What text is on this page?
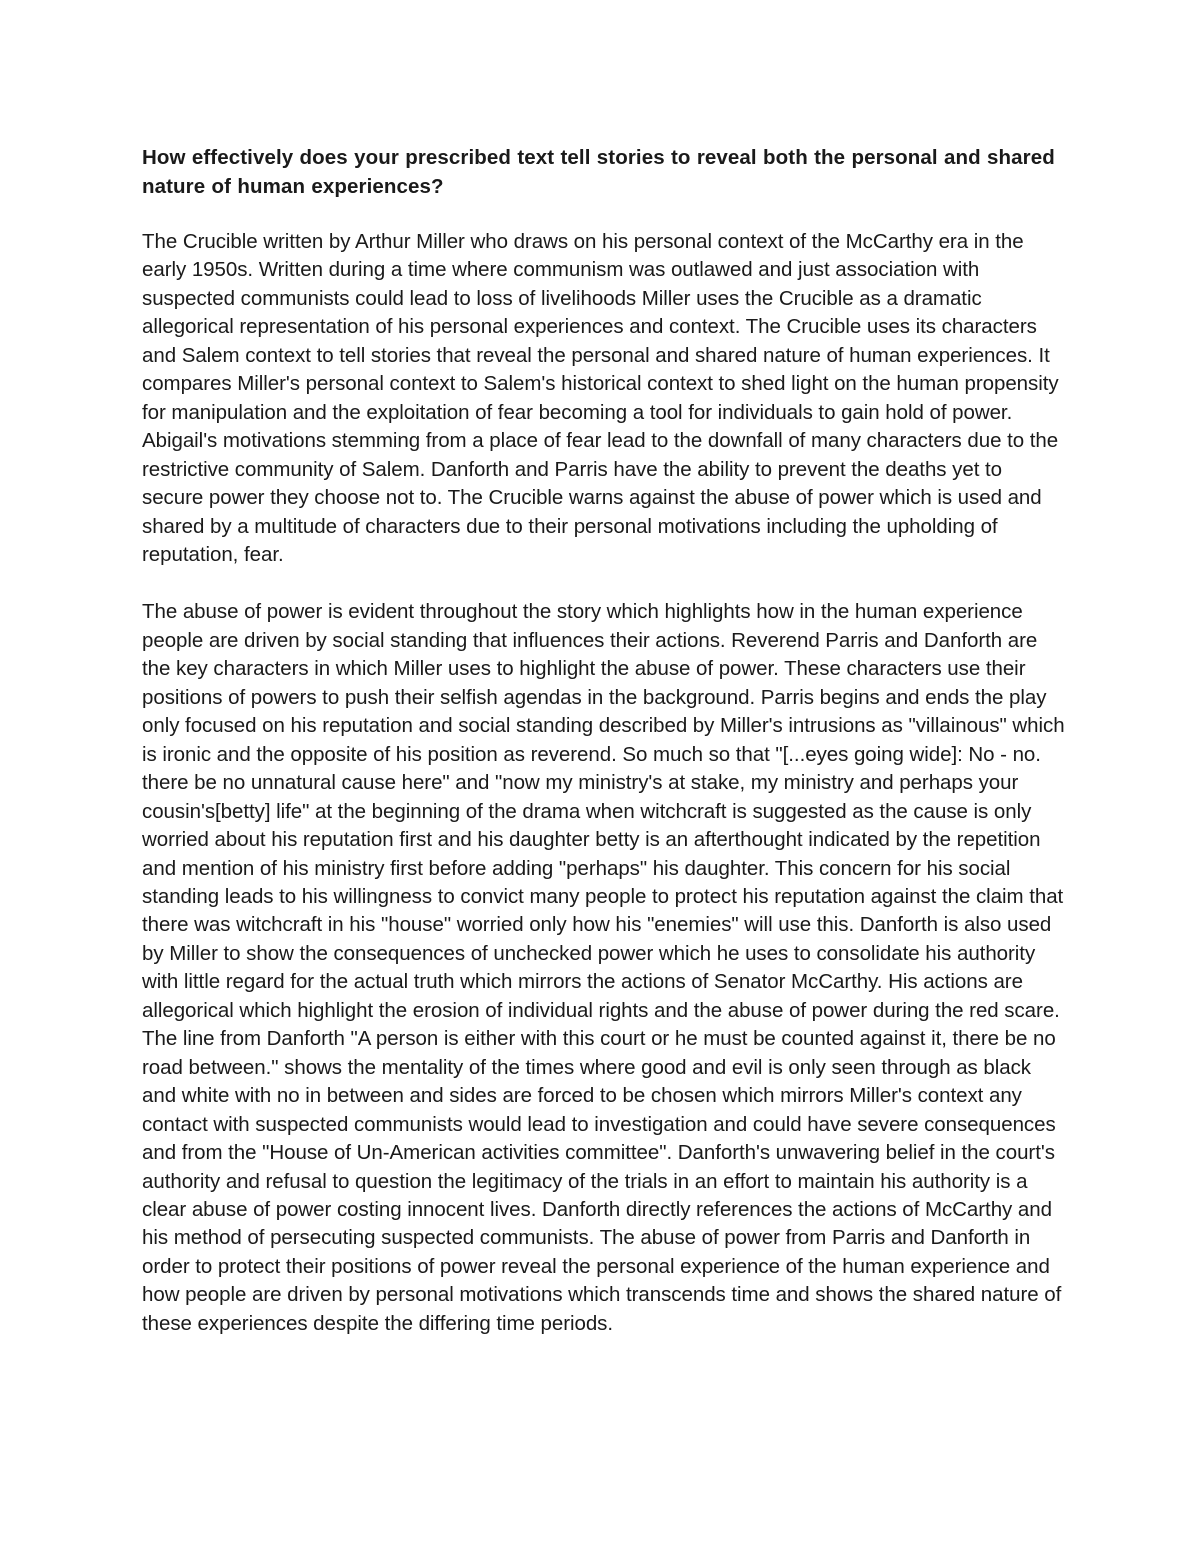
How effectively does your prescribed text tell stories to reveal both the personal and shared nature of human experiences?

The Crucible written by Arthur Miller who draws on his personal context of the McCarthy era in the early 1950s. Written during a time where communism was outlawed and just association with suspected communists could lead to loss of livelihoods Miller uses the Crucible as a dramatic allegorical representation of his personal experiences and context. The Crucible uses its characters and Salem context to tell stories that reveal the personal and shared nature of human experiences. It compares Miller's personal context to Salem's historical context to shed light on the human propensity for manipulation and the exploitation of fear becoming a tool for individuals to gain hold of power. Abigail's motivations stemming from a place of fear lead to the downfall of many characters due to the restrictive community of Salem. Danforth and Parris have the ability to prevent the deaths yet to secure power they choose not to. The Crucible warns against the abuse of power which is used and shared by a multitude of characters due to their personal motivations including the upholding of reputation, fear.

The abuse of power is evident throughout the story which highlights how in the human experience people are driven by social standing that influences their actions. Reverend Parris and Danforth are the key characters in which Miller uses to highlight the abuse of power. These characters use their positions of powers to push their selfish agendas in the background. Parris begins and ends the play only focused on his reputation and social standing described by Miller's intrusions as "villainous" which is ironic and the opposite of his position as reverend. So much so that "[...eyes going wide]: No - no. there be no unnatural cause here" and "now my ministry's at stake, my ministry and perhaps your cousin's[betty] life" at the beginning of the drama when witchcraft is suggested as the cause is only worried about his reputation first and his daughter betty is an afterthought indicated by the repetition and mention of his ministry first before adding "perhaps" his daughter. This concern for his social standing leads to his willingness to convict many people to protect his reputation against the claim that there was witchcraft in his "house" worried only how his "enemies" will use this. Danforth is also used by Miller to show the consequences of unchecked power which he uses to consolidate his authority with little regard for the actual truth which mirrors the actions of Senator McCarthy. His actions are allegorical which highlight the erosion of individual rights and the abuse of power during the red scare. The line from Danforth "A person is either with this court or he must be counted against it, there be no road between." shows the mentality of the times where good and evil is only seen through as black and white with no in between and sides are forced to be chosen which mirrors Miller's context any contact with suspected communists would lead to investigation and could have severe consequences and from the "House of Un-American activities committee". Danforth's unwavering belief in the court's authority and refusal to question the legitimacy of the trials in an effort to maintain his authority is a clear abuse of power costing innocent lives. Danforth directly references the actions of McCarthy and his method of persecuting suspected communists. The abuse of power from Parris and Danforth in order to protect their positions of power reveal the personal experience of the human experience and how people are driven by personal motivations which transcends time and shows the shared nature of these experiences despite the differing time periods.
